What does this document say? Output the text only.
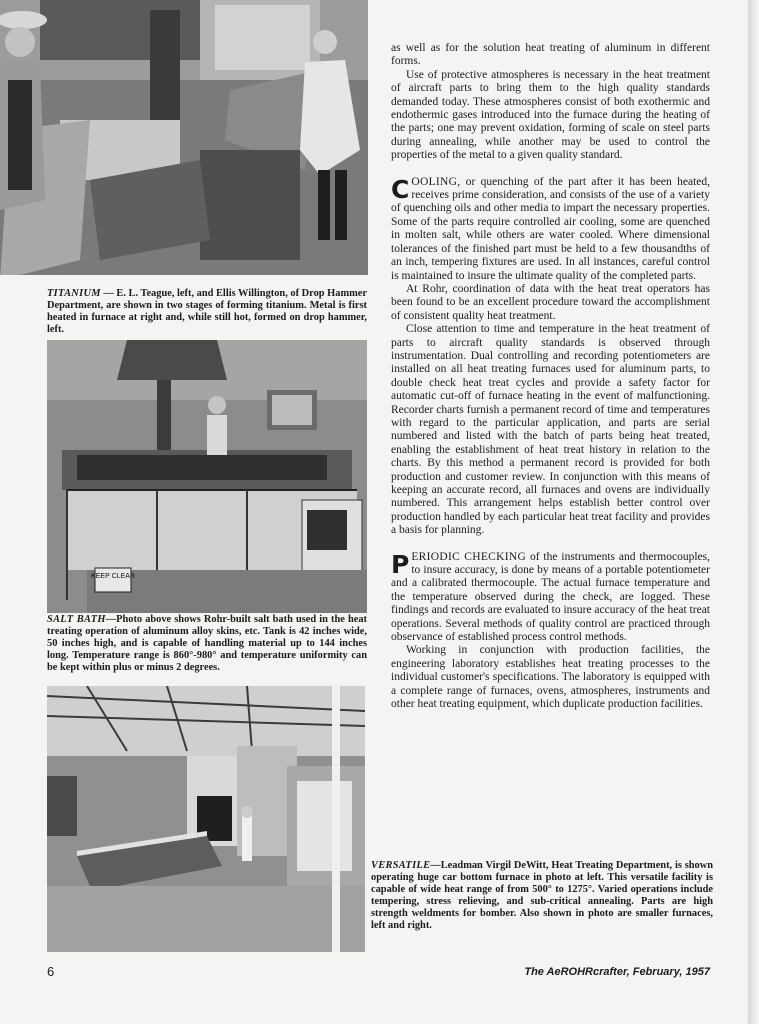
TITANIUM — E. L. Teague, left, and Ellis Willington, of Drop Hammer Department, are shown in two stages of forming titanium. Metal is first heated in furnace at right and, while still hot, formed on drop hammer, left.

KEEP CLEAR

SALT BATH—Photo above shows Rohr-built salt bath used in the heat treating operation of aluminum alloy skins, etc. Tank is 42 inches wide, 50 inches high, and is capable of handling material up to 144 inches long. Temperature range is 860°-980° and temperature uniformity can be kept within plus or minus 2 degrees.

VERSATILE—Leadman Virgil DeWitt, Heat Treating Department, is shown operating huge car bottom furnace in photo at left. This versatile facility is capable of wide heat range of from 500° to 1275°. Varied operations include tempering, stress relieving, and sub-critical annealing. Parts are high strength weldments for bomber. Also shown in photo are smaller furnaces, left and right.

as well as for the solution heat treating of aluminum in different forms.

Use of protective atmospheres is necessary in the heat treatment of aircraft parts to bring them to the high quality standards demanded today. These atmospheres consist of both exothermic and endothermic gases introduced into the furnace during the heating of the parts; one may prevent oxidation, forming of scale on steel parts during annealing, while another may be used to control the properties of the metal to a given quality standard.

COOLING, or quenching of the part after it has been heated, receives prime consideration, and consists of the use of a variety of quenching oils and other media to impart the necessary properties. Some of the parts require controlled air cooling, some are quenched in molten salt, while others are water cooled. Where dimensional tolerances of the finished part must be held to a few thousandths of an inch, tempering fixtures are used. In all instances, careful control is maintained to insure the ultimate quality of the completed parts.

At Rohr, coordination of data with the heat treat operators has been found to be an excellent procedure toward the accomplishment of consistent quality heat treatment.

Close attention to time and temperature in the heat treatment of parts to aircraft quality standards is observed through instrumentation. Dual controlling and recording potentiometers are installed on all heat treating furnaces used for aluminum parts, to double check heat treat cycles and provide a safety factor for automatic cut-off of furnace heating in the event of malfunctioning. Recorder charts furnish a permanent record of time and temperatures with regard to the particular application, and parts are serial numbered and listed with the batch of parts being heat treated, enabling the establishment of heat treat history in relation to the charts. By this method a permanent record is provided for both production and customer review. In conjunction with this means of keeping an accurate record, all furnaces and ovens are individually numbered. This arrangement helps establish better control over production handled by each particular heat treat facility and provides a basis for planning.

PERIODIC CHECKING of the instruments and thermocouples, to insure accuracy, is done by means of a portable potentiometer and a calibrated thermocouple. The actual furnace temperature and the temperature observed during the check, are logged. These findings and records are evaluated to insure accuracy of the heat treat operations. Several methods of quality control are practiced through observance of established process control methods.

Working in conjunction with production facilities, the engineering laboratory establishes heat treating processes to the individual customer's specifications. The laboratory is equipped with a complete range of furnaces, ovens, atmospheres, instruments and other heat treating equipment, which duplicate production facilities.

6	The AeROHRcrafter, February, 1957
